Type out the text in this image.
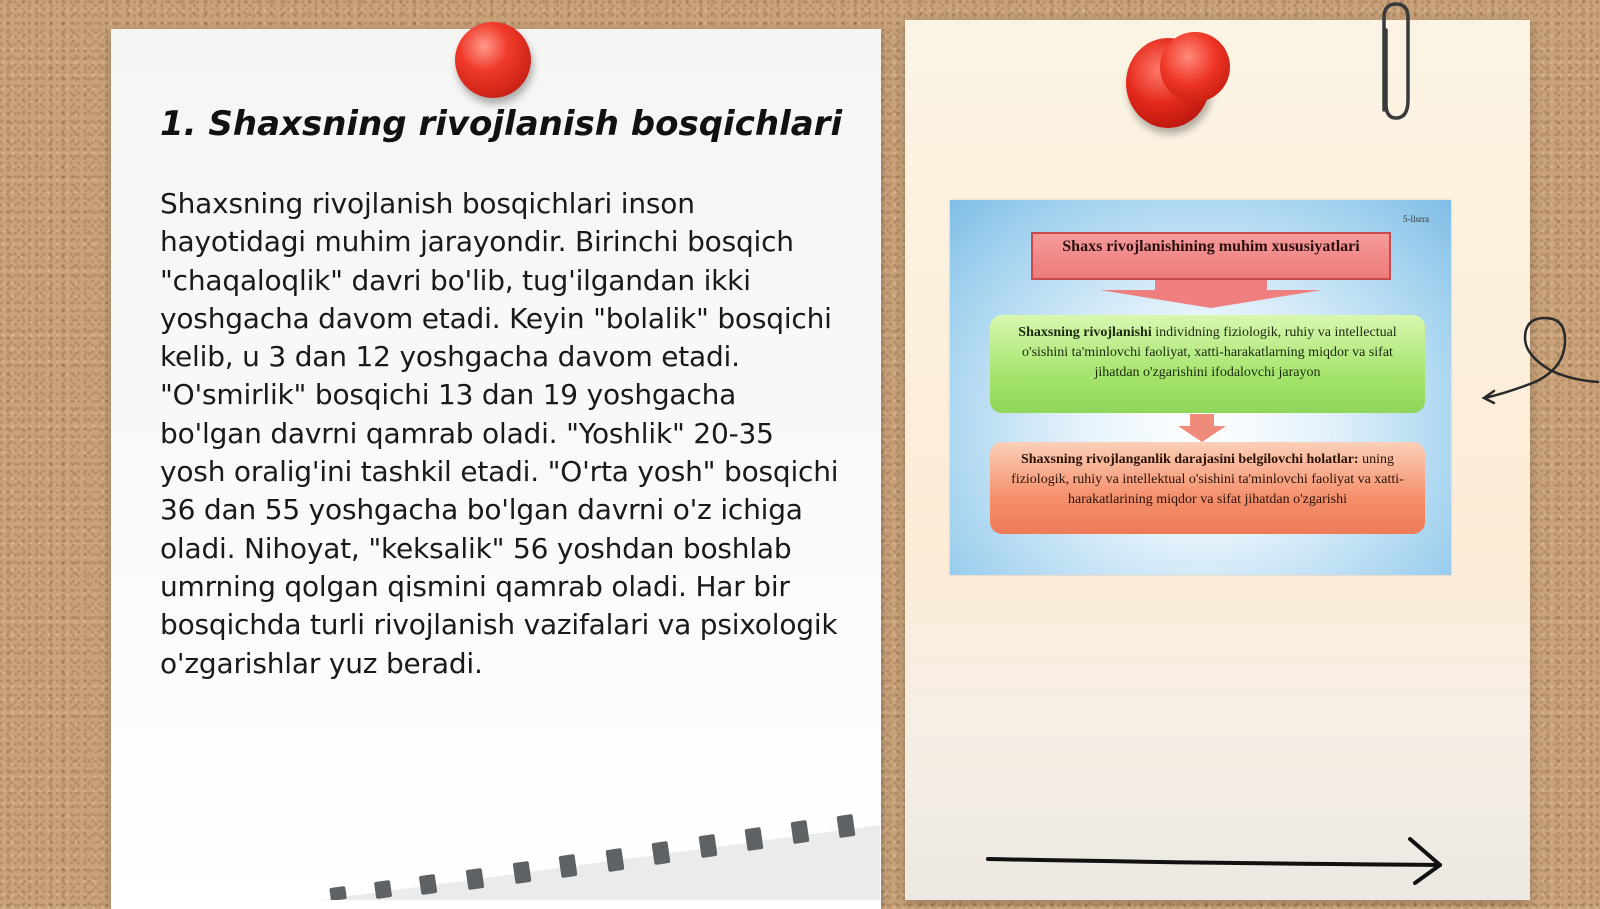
1. Shaxsning rivojlanish bosqichlari

Shaxsning rivojlanish bosqichlari inson hayotidagi muhim jarayondir. Birinchi bosqich "chaqaloqlik" davri bo'lib, tug'ilgandan ikki yoshgacha davom etadi. Keyin "bolalik" bosqichi kelib, u 3 dan 12 yoshgacha davom etadi. "O'smirlik" bosqichi 13 dan 19 yoshgacha bo'lgan davrni qamrab oladi. "Yoshlik" 20-35 yosh oralig'ini tashkil etadi. "O'rta yosh" bosqichi 36 dan 55 yoshgacha bo'lgan davrni o'z ichiga oladi. Nihoyat, "keksalik" 56 yoshdan boshlab umrning qolgan qismini qamrab oladi. Har bir bosqichda turli rivojlanish vazifalari va psixologik o'zgarishlar yuz beradi.

5-llsrra
Shaxs rivojlanishining muhim xususiyatlari
Shaxsning rivojlanishi individning fiziologik, ruhiy va intellectual o'sishini ta'minlovchi faoliyat, xatti-harakatlarning miqdor va sifat jihatdan o'zgarishini ifodalovchi jarayon
Shaxsning rivojlanganlik darajasini belgilovchi holatlar: uning fiziologik, ruhiy va intellektual o'sishini ta'minlovchi faoliyat va xatti-harakatlarining miqdor va sifat jihatdan o'zgarishi
